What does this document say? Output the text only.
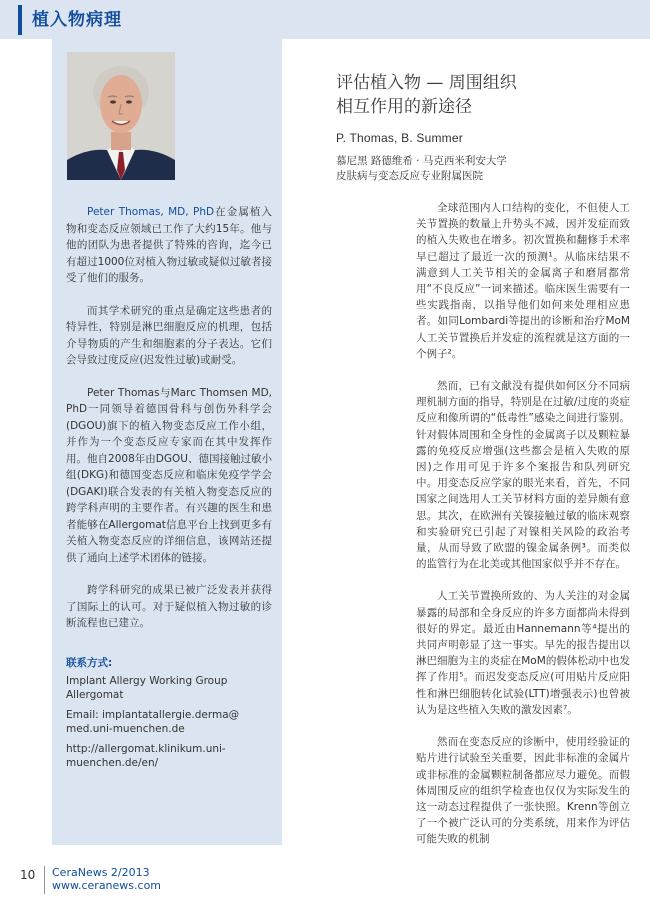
植入物病理

Peter Thomas, MD, PhD在金属植入物和变态反应领域已工作了大约15年。他与他的团队为患者提供了特殊的咨询，迄今已有超过1000位对植入物过敏或疑似过敏者接受了他们的服务。

而其学术研究的重点是确定这些患者的特异性，特别是淋巴细胞反应的机理，包括介导物质的产生和细胞素的分子表达。它们会导致过度反应(迟发性过敏)或耐受。

Peter Thomas与Marc Thomsen MD, PhD一同领导着德国骨科与创伤外科学会(DGOU)旗下的植入物变态反应工作小组，并作为一个变态反应专家而在其中发挥作用。他自2008年由DGOU、德国接触过敏小组(DKG)和德国变态反应和临床免疫学学会(DGAKI)联合发表的有关植入物变态反应的跨学科声明的主要作者。有兴趣的医生和患者能够在Allergomat信息平台上找到更多有关植入物变态反应的详细信息，该网站还提供了通向上述学术团体的链接。

跨学科研究的成果已被广泛发表并获得了国际上的认可。对于疑似植入物过敏的诊断流程也已建立。

联系方式:
Implant Allergy Working Group Allergomat
Email: implantatallergie.derma@
med.uni-muenchen.de
http://allergomat.klinikum.uni-muenchen.de/en/
评估植入物 — 周围组织
相互作用的新途径
P. Thomas, B. Summer
慕尼黑 路德维希 · 马克西米利安大学
皮肤病与变态反应专业附属医院

全球范围内人口结构的变化，不但使人工关节置换的数量上升势头不减，因并发症而致的植入失败也在增多。初次置换和翻修手术率早已超过了最近一次的预测¹。从临床结果不满意到人工关节相关的金属离子和磨屑都常用“不良反应”一词来描述。临床医生需要有一些实践指南，以指导他们如何来处理相应患者。如同Lombardi等提出的诊断和治疗MoM人工关节置换后并发症的流程就是这方面的一个例子²。

然而，已有文献没有提供如何区分不同病理机制方面的指导，特别是在过敏/过度的炎症反应和像所谓的“低毒性”感染之间进行鉴别。针对假体周围和全身性的金属离子以及颗粒暴露的免疫反应增强(这些都会是植入失败的原因)之作用可见于许多个案报告和队列研究中。用变态反应学家的眼光来看，首先，不同国家之间选用人工关节材料方面的差异颇有意思。其次，在欧洲有关镍接触过敏的临床观察和实验研究已引起了对镍相关风险的政治考量，从而导致了欧盟的镍金属条例³。而类似的监管行为在北美或其他国家似乎并不存在。

人工关节置换所致的、为人关注的对金属暴露的局部和全身反应的许多方面都尚未得到很好的界定。最近由Hannemann等⁴提出的共同声明彰显了这一事实。早先的报告提出以淋巴细胞为主的炎症在MoM的假体松动中也发挥了作用⁵。而迟发变态反应(可用贴片反应阳性和淋巴细胞转化试验(LTT)增强表示)也曾被认为是这些植入失败的激发因素⁷。

然而在变态反应的诊断中，使用经验证的贴片进行试验至关重要，因此非标准的金属片或非标准的金属颗粒制备都应尽力避免。而假体周围反应的组织学检查也仅仅为实际发生的这一动态过程提供了一张快照。Krenn等创立了一个被广泛认可的分类系统，用来作为评估可能失败的机制

10 CeraNews 2/2013
www.ceranews.com
